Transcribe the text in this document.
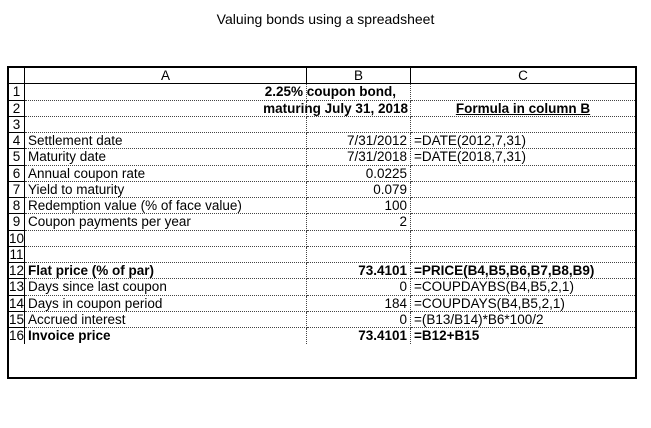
Valuing bonds using a spreadsheet
A	B	C
1	2.25% coupon bond,
2	maturing July 31, 2018	Formula in column B
3
4 Settlement date	7/31/2012 =DATE(2012,7,31)
5 Maturity date	7/31/2018 =DATE(2018,7,31)
6 Annual coupon rate	0.0225
7 Yield to maturity	0.079
8 Redemption value (% of face value)	100
9 Coupon payments per year	2
10
11
12 Flat price (% of par)	73.4101 =PRICE(B4,B5,B6,B7,B8,B9)
13 Days since last coupon	0 =COUPDAYBS(B4,B5,2,1)
14 Days in coupon period	184 =COUPDAYS(B4,B5,2,1)
15 Accrued interest	0 =(B13/B14)*B6*100/2
16 Invoice price	73.4101 =B12+B15
